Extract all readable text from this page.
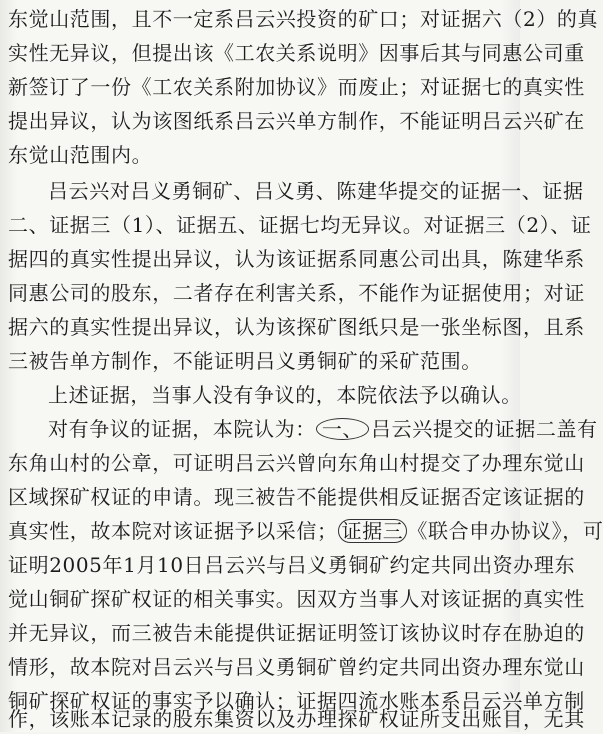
东觉山范围，且不一定系吕云兴投资的矿口；对证据六（2）的真
实性无异议，但提出该《工农关系说明》因事后其与同惠公司重
新签订了一份《工农关系附加协议》而废止；对证据七的真实性
提出异议，认为该图纸系吕云兴单方制作，不能证明吕云兴矿在
东觉山范围内。
吕云兴对吕义勇铜矿、吕义勇、陈建华提交的证据一、证据
二、证据三（1）、证据五、证据七均无异议。对证据三（2）、证
据四的真实性提出异议，认为该证据系同惠公司出具，陈建华系
同惠公司的股东，二者存在利害关系，不能作为证据使用；对证
据六的真实性提出异议，认为该探矿图纸只是一张坐标图，且系
三被告单方制作，不能证明吕义勇铜矿的采矿范围。
上述证据，当事人没有争议的，本院依法予以确认。
对有争议的证据，本院认为： 一、 吕云兴提交的证据二盖有
东角山村的公章，可证明吕云兴曾向东角山村提交了办理东觉山
区域探矿权证的申请。现三被告不能提供相反证据否定该证据的
真实性，故本院对该证据予以采信； 证据三 《联合申办协议》，可
证明2005年1月10日吕云兴与吕义勇铜矿约定共同出资办理东
觉山铜矿探矿权证的相关事实。因双方当事人对该证据的真实性
并无异议，而三被告未能提供证据证明签订该协议时存在胁迫的
情形，故本院对吕云兴与吕义勇铜矿曾约定共同出资办理东觉山
铜矿探矿权证的事实予以确认；证据四流水账本系吕云兴单方制
作，该账本记录的股东集资以及办理探矿权证所支出账目，无其
